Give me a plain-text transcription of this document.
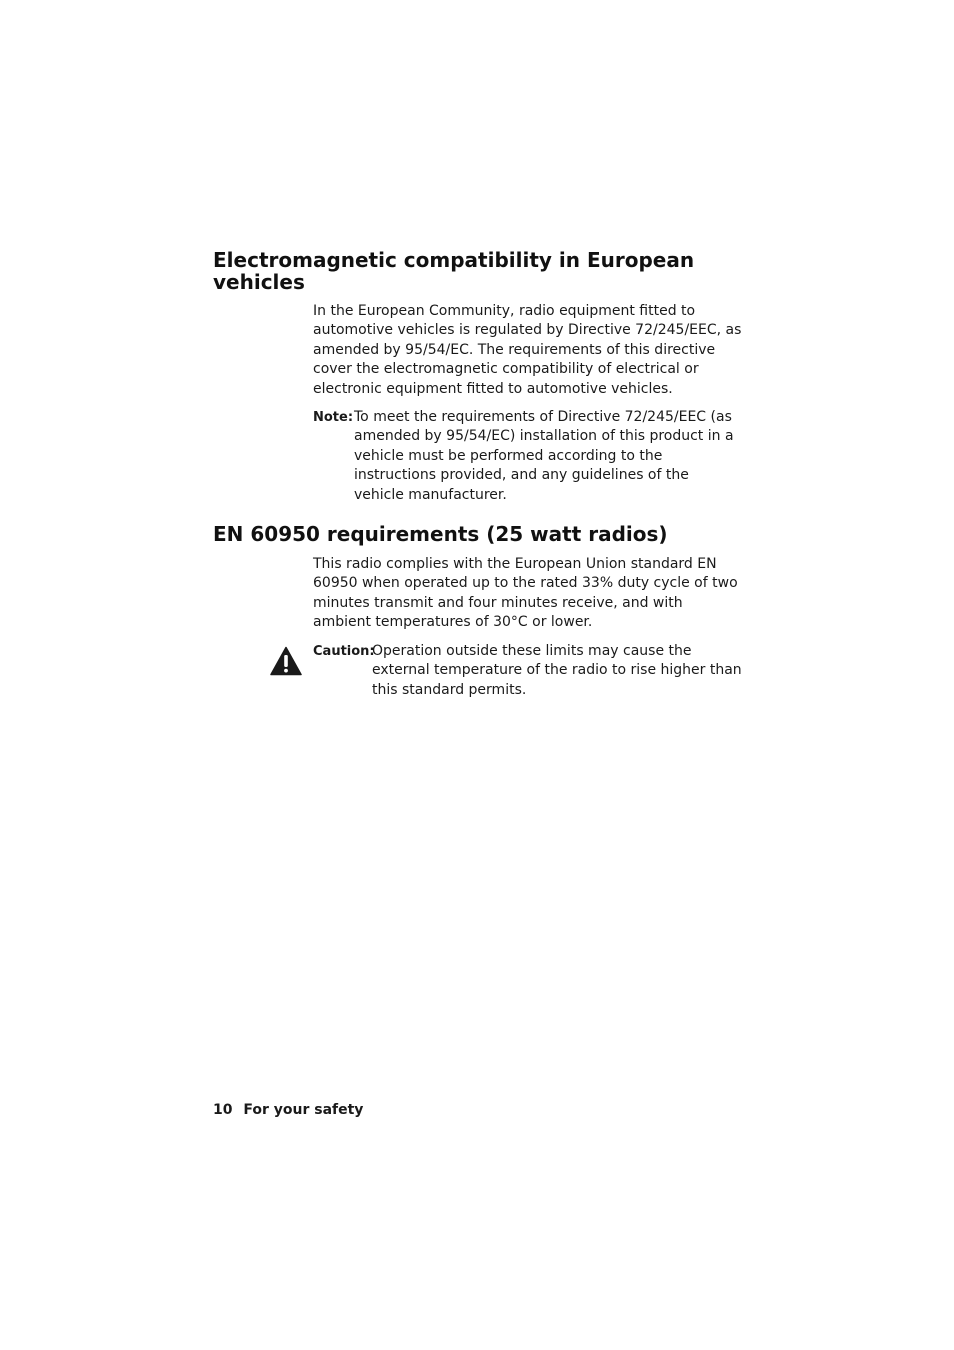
Electromagnetic compatibility in European vehicles

In the European Community, radio equipment fitted to automotive vehicles is regulated by Directive 72/245/EEC, as amended by 95/54/EC. The requirements of this directive cover the electromagnetic compatibility of electrical or electronic equipment fitted to automotive vehicles.

Note: To meet the requirements of Directive 72/245/EEC (as amended by 95/54/EC) installation of this product in a vehicle must be performed according to the instructions provided, and any guidelines of the vehicle manufacturer.
EN 60950 requirements (25 watt radios)

This radio complies with the European Union standard EN 60950 when operated up to the rated 33% duty cycle of two minutes transmit and four minutes receive, and with ambient temperatures of 30°C or lower.

Caution:
Operation outside these limits may cause the external temperature of the radio to rise higher than this standard permits.
10 For your safety
